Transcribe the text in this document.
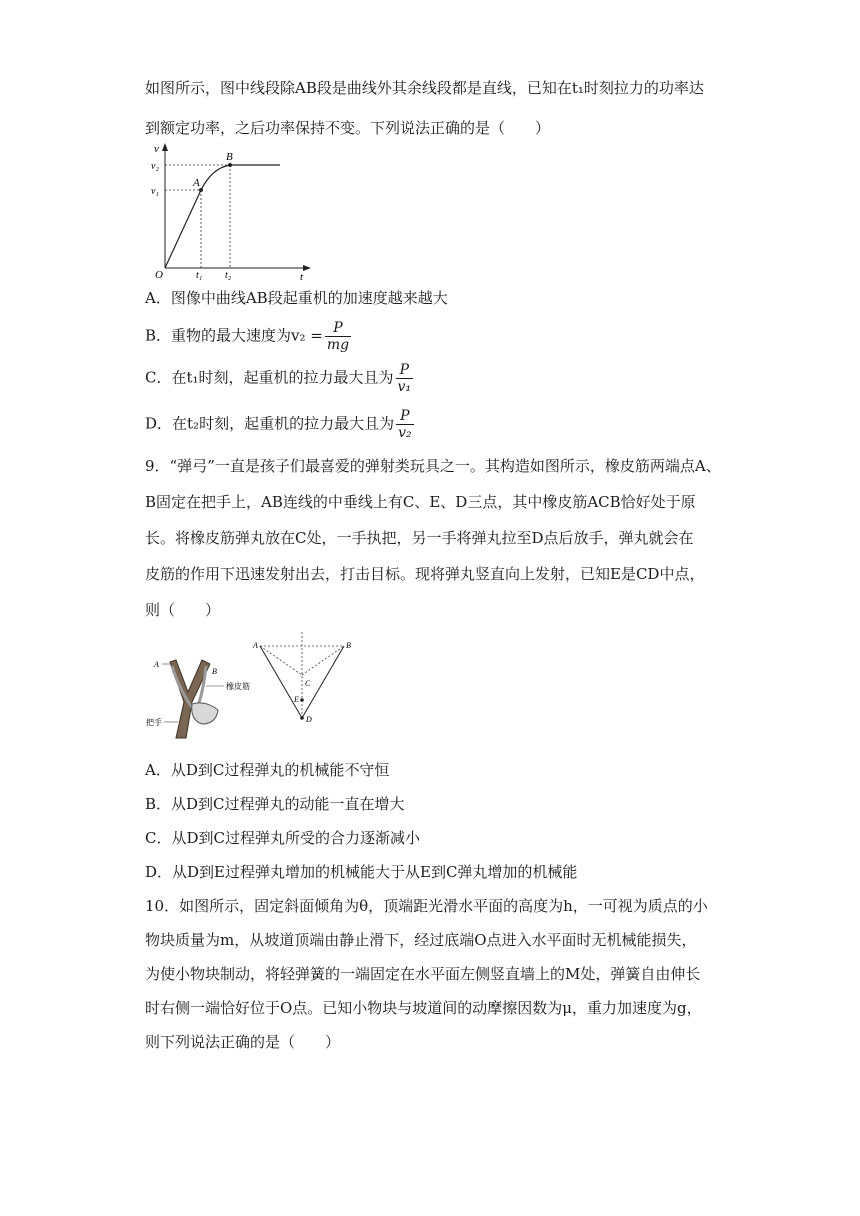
如图所示，图中线段除AB段是曲线外其余线段都是直线，已知在t₁时刻拉力的功率达
到额定功率，之后功率保持不变。下列说法正确的是（　　）
v
t
O
A
B
v₁
v₂
t₁ t₂
A．图像中曲线AB段起重机的加速度越来越大
B．重物的最大速度为$v_2 = \frac{P}{mg}$
C．在t₁时刻，起重机的拉力最大且为 $\frac{P}{\text{v₁}}$
D．在t₂时刻，起重机的拉力最大且为 $\frac{P}{\text{v₂}}$
9．“弹弓”一直是孩子们最喜爱的弹射类玩具之一。其构造如图所示，橡皮筋两端点A、
B固定在把手上，AB连线的中垂线上有C、E、D三点，其中橡皮筋ACB恰好处于原
长。将橡皮筋弹丸放在C处，一手执把，另一手将弹丸拉至D点后放手，弹丸就会在
皮筋的作用下迅速发射出去，打击目标。现将弹丸竖直向上发射，已知E是CD中点，
则（　　）
A
B
橡皮筋
把手
A	B
C
E
D
A．从D到C过程弹丸的机械能不守恒
B．从D到C过程弹丸的动能一直在增大
C．从D到C过程弹丸所受的合力逐渐减小
D．从D到E过程弹丸增加的机械能大于从E到C弹丸增加的机械能
10．如图所示，固定斜面倾角为θ，顶端距光滑水平面的高度为h，一可视为质点的小
物块质量为m，从坡道顶端由静止滑下，经过底端O点进入水平面时无机械能损失，
为使小物块制动，将轻弹簧的一端固定在水平面左侧竖直墙上的M处，弹簧自由伸长
时右侧一端恰好位于O点。已知小物块与坡道间的动摩擦因数为μ，重力加速度为g，
则下列说法正确的是（　　）
